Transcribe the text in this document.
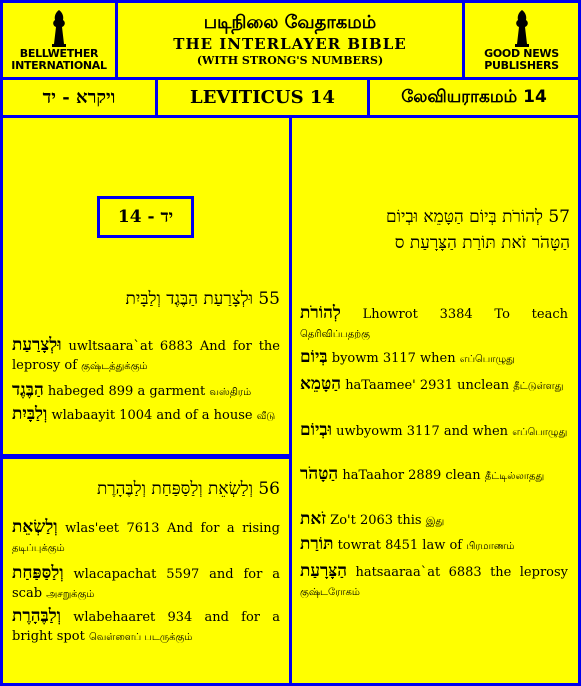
BELLWETHER
INTERNATIONAL
படிநிலை வேதாகமம்
THE INTERLAYER BIBLE
(WITH STRONG'S NUMBERS)
GOOD NEWS
PUBLISHERS
ויקרא - יד	LEVITICUS 14	லேவியராகமம் 14
יד - 14
55 וּלְצָרַעַת הַבֶּגֶד וְלַבָּיִת
וּלְצָרַעַת uwltsaara`at 6883 And for the leprosy of குஷ்டத்துக்கும்
הַבֶּגֶד habeged 899 a garment வஸ்திரம்
וְלַבָּיִת wlabaayit 1004 and of a house வீடு
56 וְלַשְׂאֵת וְלַסַּפַּחַת וְלַבֶּהָרֶת
וְלַשְׂאֵת wlas'eet 7613 And for a rising தடிப்புக்கும்
וְלַסַּפַּחַת wlacapachat 5597 and for a scab அசறுக்கும்
וְלַבֶּהָרֶת wlabehaaret 934 and for a bright spot வெள்ளைப் படருக்கும்
57 לְהוֹרֹת בְּיוֹם הַטָּמֵא וּבְיוֹם
הַטָּהֹר זֹאת תּוֹרַת הַצָּרָעַת ס
לְהוֹרֹת Lhowrot 3384 To teach தெரிவிப்பதற்கு
בְּיוֹם byowm 3117 when எப்பொழுது
הַטָּמֵא haTaamee' 2931 unclean தீட்டுள்ளது
וּבְיוֹם uwbyowm 3117 and when எப்பொழுது
הַטָּהֹר haTaahor 2889 clean தீட்டில்லாதது
זֹאת Zo't 2063 this இது
תּוֹרַת towrat 8451 law of பிரமாணம்
הַצָּרָעַת hatsaaraa`at 6883 the leprosy குஷ்டரோகம்
